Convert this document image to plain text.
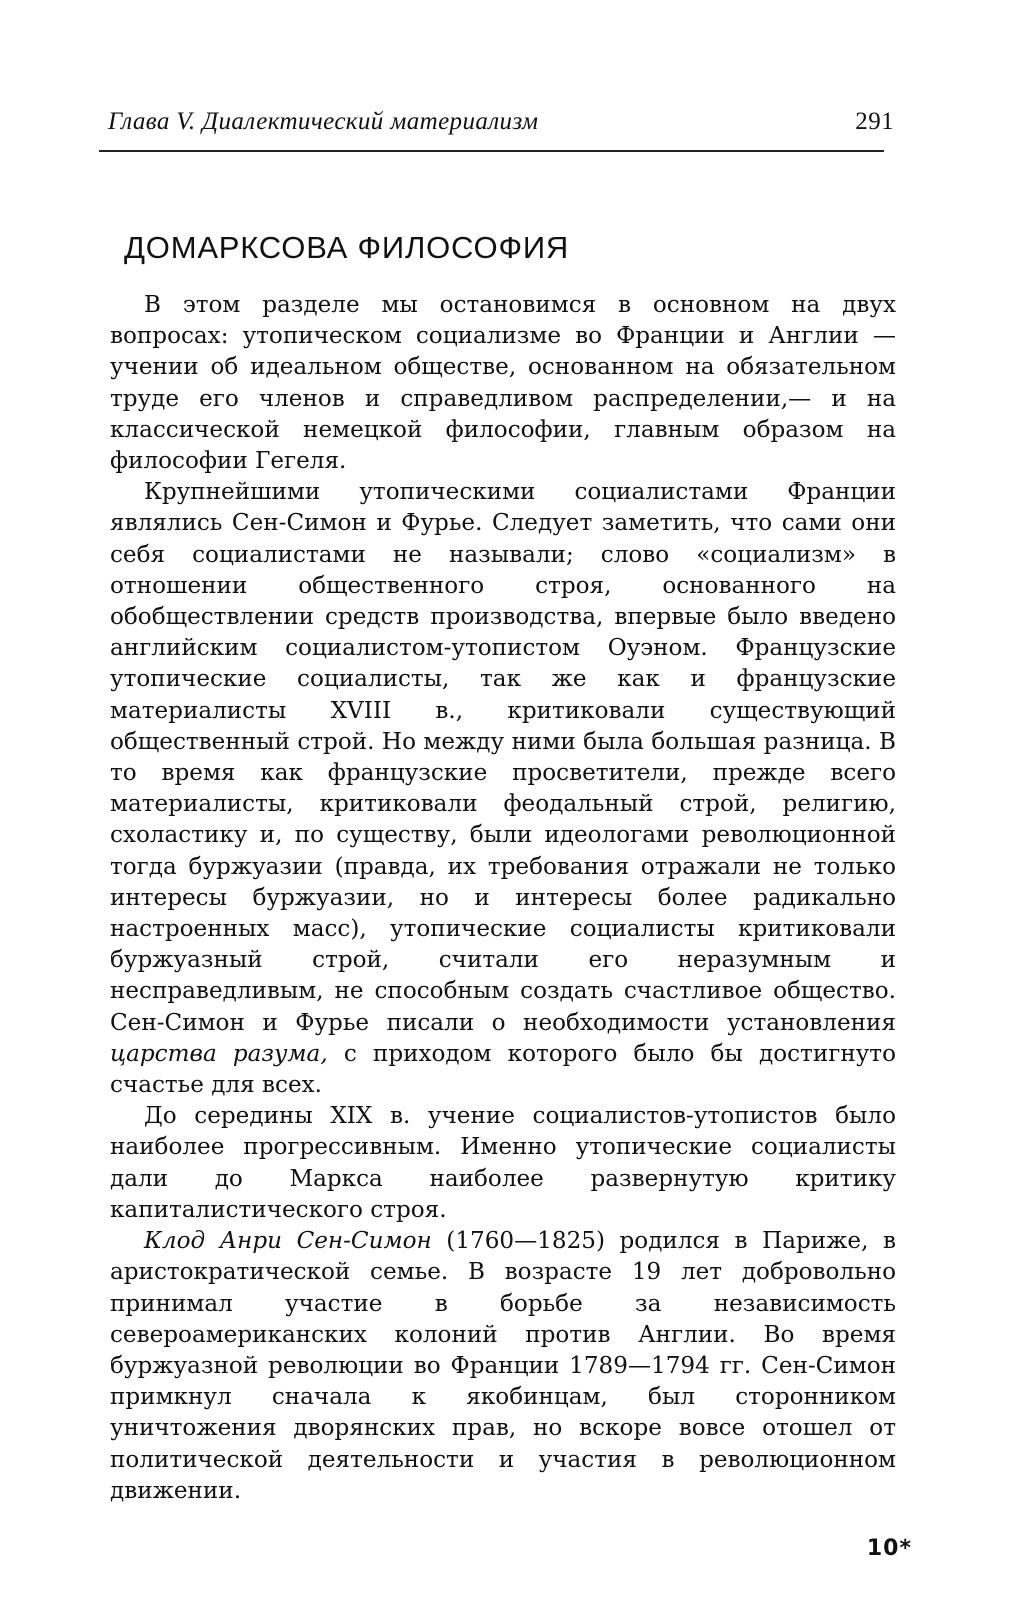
Глава V. Диалектический материализм	291
ДОМАРКСОВА ФИЛОСОФИЯ

В этом разделе мы остановимся в основном на двух вопросах: утопическом социализме во Франции и Англии — учении об идеальном обществе, основанном на обязательном труде его членов и справедливом распределении,— и на классической немецкой философии, главным образом на философии Гегеля.

Крупнейшими утопическими социалистами Франции являлись Сен-Симон и Фурье. Следует заметить, что сами они себя социалистами не называли; слово «социализм» в отношении общественного строя, основанного на обобществлении средств производства, впервые было введено английским социалистом-утопистом Оуэном. Французские утопические социалисты, так же как и французские материалисты XVIII в., критиковали существующий общественный строй. Но между ними была большая разница. В то время как французские просветители, прежде всего материалисты, критиковали феодальный строй, религию, схоластику и, по существу, были идеологами революционной тогда буржуазии (правда, их требования отражали не только интересы буржуазии, но и интересы более радикально настроенных масс), утопические социалисты критиковали буржуазный строй, считали его неразумным и несправедливым, не способным создать счастливое общество. Сен-Симон и Фурье писали о необходимости установления царства разума, с приходом которого было бы достигнуто счастье для всех.

До середины XIX в. учение социалистов-утопистов было наиболее прогрессивным. Именно утопические социалисты дали до Маркса наиболее развернутую критику капиталистического строя.

Клод Анри Сен-Симон (1760—1825) родился в Париже, в аристократической семье. В возрасте 19 лет добровольно принимал участие в борьбе за независимость североамериканских колоний против Англии. Во время буржуазной революции во Франции 1789—1794 гг. Сен-Симон примкнул сначала к якобинцам, был сторонником уничтожения дворянских прав, но вскоре вовсе отошел от политической деятельности и участия в революционном движении.

10*
